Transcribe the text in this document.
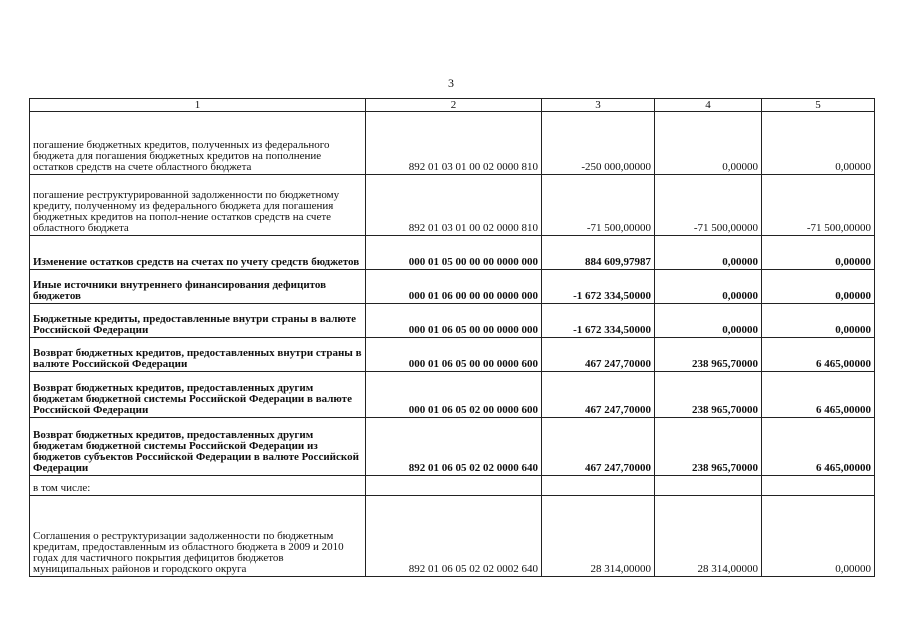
3
1	2	3	4	5
погашение бюджетных кредитов, полученных из федерального бюджета для погашения бюджетных кредитов на пополнение остатков средств на счете областного бюджета	892 01 03 01 00 02 0000 810	-250 000,00000	0,00000	0,00000
погашение реструктурированной задолженности по бюджетному кредиту, полученному из федерального бюджета для погашения бюджетных кредитов на попол-нение остатков средств на счете областного бюджета	892 01 03 01 00 02 0000 810	-71 500,00000	-71 500,00000	-71 500,00000
Изменение остатков средств на счетах по учету средств бюджетов	000 01 05 00 00 00 0000 000	884 609,97987	0,00000	0,00000
Иные источники внутреннего финансирования дефицитов бюджетов	000 01 06 00 00 00 0000 000	-1 672 334,50000	0,00000	0,00000
Бюджетные кредиты, предоставленные внутри страны в валюте Российской Федерации	000 01 06 05 00 00 0000 000	-1 672 334,50000	0,00000	0,00000
Возврат бюджетных кредитов, предоставленных внутри страны в валюте Российской Федерации	000 01 06 05 00 00 0000 600	467 247,70000	238 965,70000	6 465,00000
Возврат бюджетных кредитов, предоставленных другим бюджетам бюджетной системы Российской Федерации в валюте Российской Федерации	000 01 06 05 02 00 0000 600	467 247,70000	238 965,70000	6 465,00000
Возврат бюджетных кредитов, предоставленных другим бюджетам бюджетной системы Российской Федерации из бюджетов субъектов Российской Федерации в валюте Российской Федерации	892 01 06 05 02 02 0000 640	467 247,70000	238 965,70000	6 465,00000
в том числе:				
Соглашения о реструктуризации задолженности по бюджетным кредитам, предоставленным из областного бюджета в 2009 и 2010 годах для частичного покрытия дефицитов бюджетов муниципальных районов и городского округа	892 01 06 05 02 02 0002 640	28 314,00000	28 314,00000	0,00000
